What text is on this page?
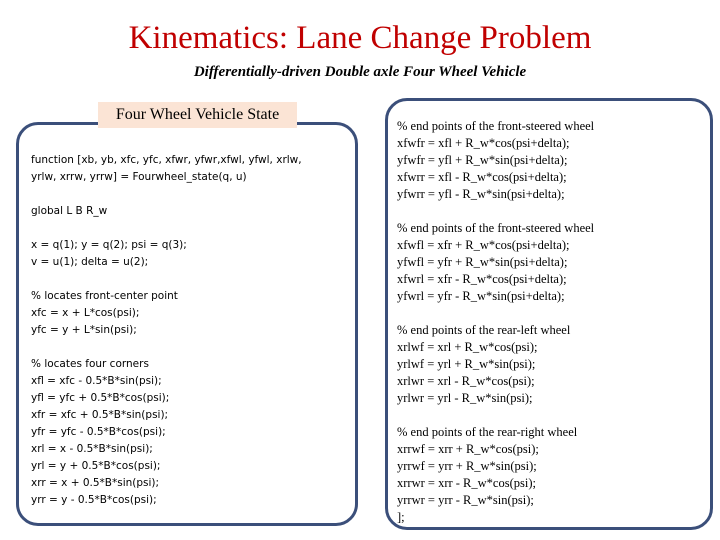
Kinematics: Lane Change Problem
Differentially-driven Double axle Four Wheel Vehicle
Four Wheel Vehicle State
function [xb, yb, xfc, yfc, xfwr, yfwr,xfwl, yfwl, xrlw,
yrlw, xrrw, yrrw] = Fourwheel_state(q, u)
global L B R_w
x = q(1); y = q(2); psi = q(3);
v = u(1); delta = u(2);
% locates front-center point
xfc = x + L*cos(psi);
yfc = y + L*sin(psi);
% locates four corners
xfl = xfc - 0.5*B*sin(psi);
yfl = yfc + 0.5*B*cos(psi);
xfr = xfc + 0.5*B*sin(psi);
yfr = yfc - 0.5*B*cos(psi);
xrl = x - 0.5*B*sin(psi);
yrl = y + 0.5*B*cos(psi);
xrr = x + 0.5*B*sin(psi);
yrr = y - 0.5*B*cos(psi);
% end points of the front-steered wheel
xfwfr = xfl + R_w*cos(psi+delta);
yfwfr = yfl + R_w*sin(psi+delta);
xfwrr = xfl - R_w*cos(psi+delta);
yfwrr = yfl - R_w*sin(psi+delta);
% end points of the front-steered wheel
xfwfl = xfr + R_w*cos(psi+delta);
yfwfl = yfr + R_w*sin(psi+delta);
xfwrl = xfr - R_w*cos(psi+delta);
yfwrl = yfr - R_w*sin(psi+delta);
% end points of the rear-left wheel
xrlwf = xrl + R_w*cos(psi);
yrlwf = yrl + R_w*sin(psi);
xrlwr = xrl - R_w*cos(psi);
yrlwr = yrl - R_w*sin(psi);
% end points of the rear-right wheel
xrrwf = xrr + R_w*cos(psi);
yrrwf = yrr + R_w*sin(psi);
xrrwr = xrr - R_w*cos(psi);
yrrwr = yrr - R_w*sin(psi);
];
